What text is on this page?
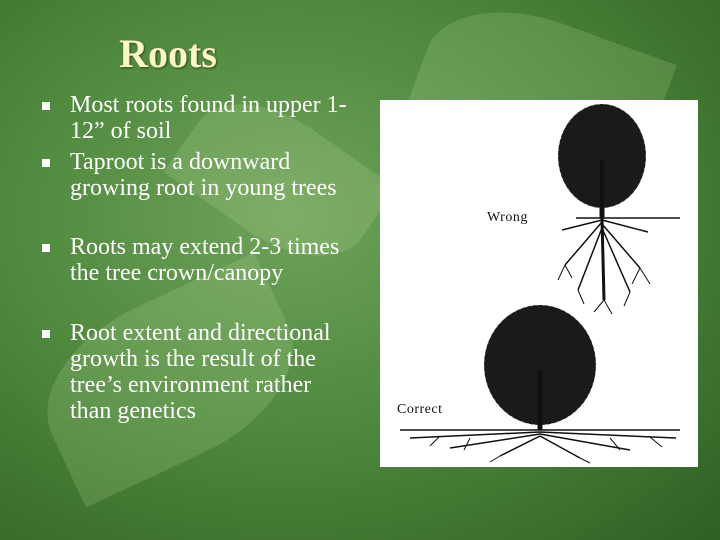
Roots
Most roots found in upper 1-12” of soil
Taproot is a downward growing root in young trees
Roots may extend 2-3 times the tree crown/canopy
Root extent and directional growth is the result of the tree’s environment rather than genetics
Wrong
Correct
